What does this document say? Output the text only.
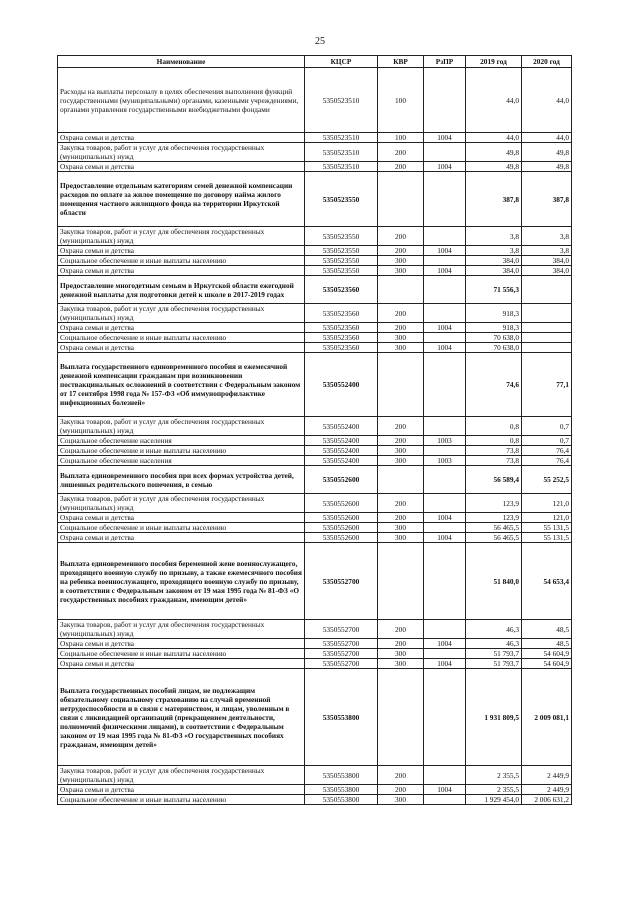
25
Наименование	КЦСР	КВР	РзПР	2019 год	2020 год
Расходы на выплаты персоналу в целях обеспечения выполнения функций государственными (муниципальными) органами, казенными учреждениями, органами управления государственными внебюджетными фондами	5350523510	100		44,0	44,0
Охрана семьи и детства	5350523510	100	1004	44,0	44,0
Закупка товаров, работ и услуг для обеспечения государственных (муниципальных) нужд	5350523510	200		49,8	49,8
Охрана семьи и детства	5350523510	200	1004	49,8	49,8
Предоставление отдельным категориям семей денежной компенсации расходов по оплате за жилое помещение по договору найма жилого помещения частного жилищного фонда на территории Иркутской области	5350523550			387,8	387,8
Закупка товаров, работ и услуг для обеспечения государственных (муниципальных) нужд	5350523550	200		3,8	3,8
Охрана семьи и детства	5350523550	200	1004	3,8	3,8
Социальное обеспечение и иные выплаты населению	5350523550	300		384,0	384,0
Охрана семьи и детства	5350523550	300	1004	384,0	384,0
Предоставление многодетным семьям в Иркутской области ежегодной денежной выплаты для подготовки детей к школе в 2017-2019 годах	5350523560			71 556,3	
Закупка товаров, работ и услуг для обеспечения государственных (муниципальных) нужд	5350523560	200		918,3	
Охрана семьи и детства	5350523560	200	1004	918,3	
Социальное обеспечение и иные выплаты населению	5350523560	300		70 638,0	
Охрана семьи и детства	5350523560	300	1004	70 638,0	
Выплата государственного единовременного пособия и ежемесячной денежной компенсации гражданам при возникновении поствакцинальных осложнений в соответствии с Федеральным законом от 17 сентября 1998 года № 157-ФЗ «Об иммунопрофилактике инфекционных болезней»	5350552400			74,6	77,1
Закупка товаров, работ и услуг для обеспечения государственных (муниципальных) нужд	5350552400	200		0,8	0,7
Социальное обеспечение населения	5350552400	200	1003	0,8	0,7
Социальное обеспечение и иные выплаты населению	5350552400	300		73,8	76,4
Социальное обеспечение населения	5350552400	300	1003	73,8	76,4
Выплата единовременного пособия при всех формах устройства детей, лишенных родительского попечения, в семью	5350552600			56 589,4	55 252,5
Закупка товаров, работ и услуг для обеспечения государственных (муниципальных) нужд	5350552600	200		123,9	121,0
Охрана семьи и детства	5350552600	200	1004	123,9	121,0
Социальное обеспечение и иные выплаты населению	5350552600	300		56 465,5	55 131,5
Охрана семьи и детства	5350552600	300	1004	56 465,5	55 131,5
Выплата единовременного пособия беременной жене военнослужащего, проходящего военную службу по призыву, а также ежемесячного пособия на ребенка военнослужащего, проходящего военную службу по призыву, в соответствии с Федеральным законом от 19 мая 1995 года № 81-ФЗ «О государственных пособиях гражданам, имеющим детей»	5350552700			51 840,0	54 653,4
Закупка товаров, работ и услуг для обеспечения государственных (муниципальных) нужд	5350552700	200		46,3	48,5
Охрана семьи и детства	5350552700	200	1004	46,3	48,5
Социальное обеспечение и иные выплаты населению	5350552700	300		51 793,7	54 604,9
Охрана семьи и детства	5350552700	300	1004	51 793,7	54 604,9
Выплата государственных пособий лицам, не подлежащим обязательному социальному страхованию на случай временной нетрудоспособности и в связи с материнством, и лицам, уволенным в связи с ликвидацией организаций (прекращением деятельности, полномочий физическими лицами), в соответствии с Федеральным законом от 19 мая 1995 года № 81-ФЗ «О государственных пособиях гражданам, имеющим детей»	5350553800			1 931 809,5	2 009 081,1
Закупка товаров, работ и услуг для обеспечения государственных (муниципальных) нужд	5350553800	200		2 355,5	2 449,9
Охрана семьи и детства	5350553800	200	1004	2 355,5	2 449,9
Социальное обеспечение и иные выплаты населению	5350553800	300		1 929 454,0	2 006 631,2
